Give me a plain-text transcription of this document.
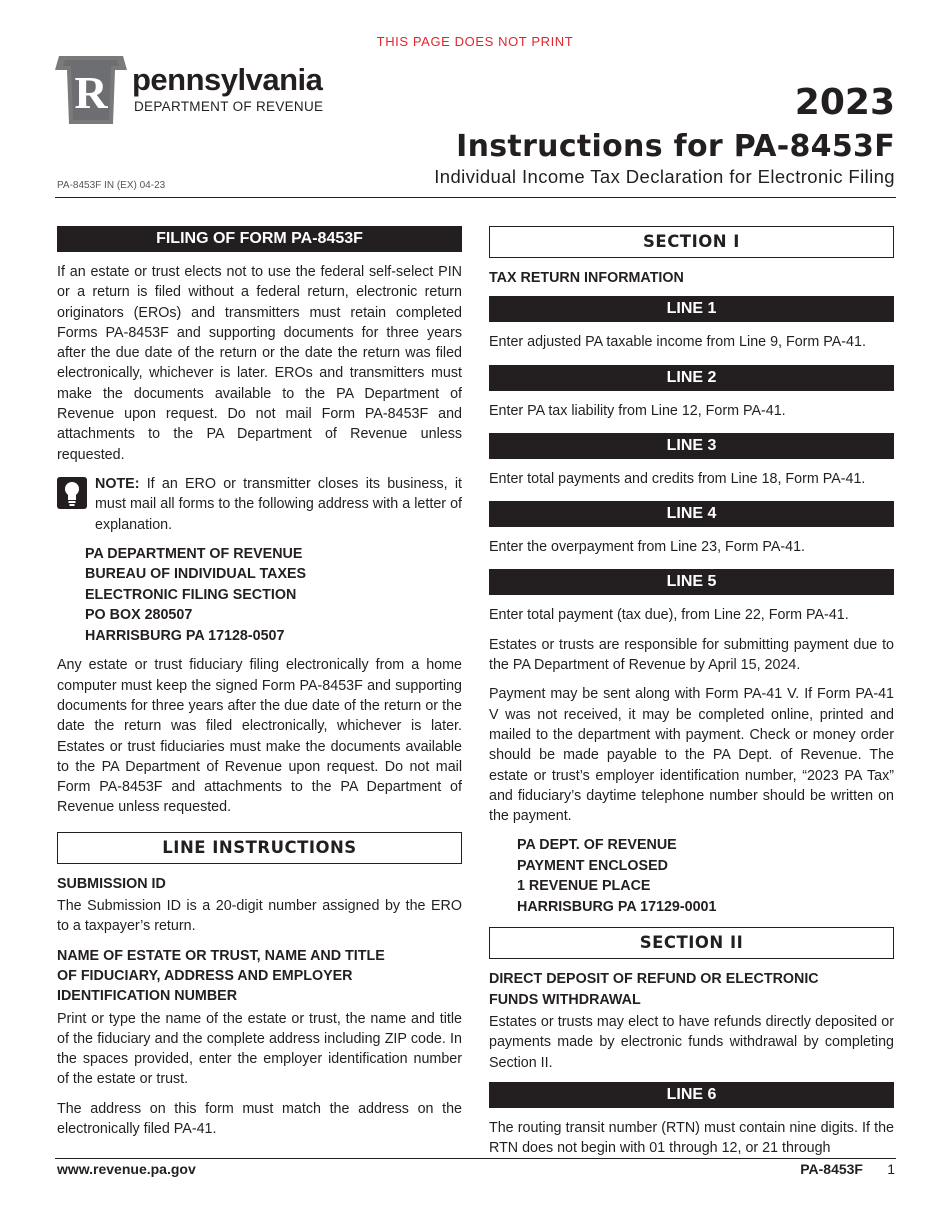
THIS PAGE DOES NOT PRINT
R pennsylvania
DEPARTMENT OF REVENUE	2023
Instructions for PA-8453F
Individual Income Tax Declaration for Electronic Filing
PA-8453F IN (EX) 04-23
FILING OF FORM PA-8453F

If an estate or trust elects not to use the federal self-select PIN or a return is filed without a federal return, electronic return originators (EROs) and transmitters must retain completed Forms PA-8453F and supporting documents for three years after the due date of the return or the date the return was filed electronically, whichever is later. EROs and transmitters must make the documents available to the PA Department of Revenue upon request. Do not mail Form PA-8453F and attachments to the PA Department of Revenue unless requested.

NOTE: If an ERO or transmitter closes its business, it must mail all forms to the following address with a letter of explanation.
PA DEPARTMENT OF REVENUE
BUREAU OF INDIVIDUAL TAXES
ELECTRONIC FILING SECTION
PO BOX 280507
HARRISBURG PA 17128-0507

Any estate or trust fiduciary filing electronically from a home computer must keep the signed Form PA-8453F and supporting documents for three years after the due date of the return or the date the return was filed electronically, whichever is later. Estates or trust fiduciaries must make the documents available to the PA Department of Revenue upon request. Do not mail Form PA-8453F and attachments to the PA Department of Revenue unless requested.

LINE INSTRUCTIONS
SUBMISSION ID

The Submission ID is a 20-digit number assigned by the ERO to a taxpayer’s return.

NAME OF ESTATE OR TRUST, NAME AND TITLE
OF FIDUCIARY, ADDRESS AND EMPLOYER
IDENTIFICATION NUMBER

Print or type the name of the estate or trust, the name and title of the fiduciary and the complete address including ZIP code. In the spaces provided, enter the employer identification number of the estate or trust.

The address on this form must match the address on the electronically filed PA-41.

SECTION I
TAX RETURN INFORMATION
LINE 1

Enter adjusted PA taxable income from Line 9, Form PA-41.

LINE 2

Enter PA tax liability from Line 12, Form PA-41.

LINE 3

Enter total payments and credits from Line 18, Form PA-41.

LINE 4

Enter the overpayment from Line 23, Form PA-41.

LINE 5

Enter total payment (tax due), from Line 22, Form PA-41.

Estates or trusts are responsible for submitting payment due to the PA Department of Revenue by April 15, 2024.

Payment may be sent along with Form PA-41 V. If Form PA-41 V was not received, it may be completed online, printed and mailed to the department with payment. Check or money order should be made payable to the PA Dept. of Revenue. The estate or trust’s employer identification number, “2023 PA Tax” and fiduciary’s daytime telephone number should be written on the payment.

PA DEPT. OF REVENUE
PAYMENT ENCLOSED
1 REVENUE PLACE
HARRISBURG PA 17129-0001
SECTION II
DIRECT DEPOSIT OF REFUND OR ELECTRONIC
FUNDS WITHDRAWAL

Estates or trusts may elect to have refunds directly deposited or payments made by electronic funds withdrawal by completing Section II.

LINE 6

The routing transit number (RTN) must contain nine digits. If the RTN does not begin with 01 through 12, or 21 through

www.revenue.pa.gov	PA-8453F 1
